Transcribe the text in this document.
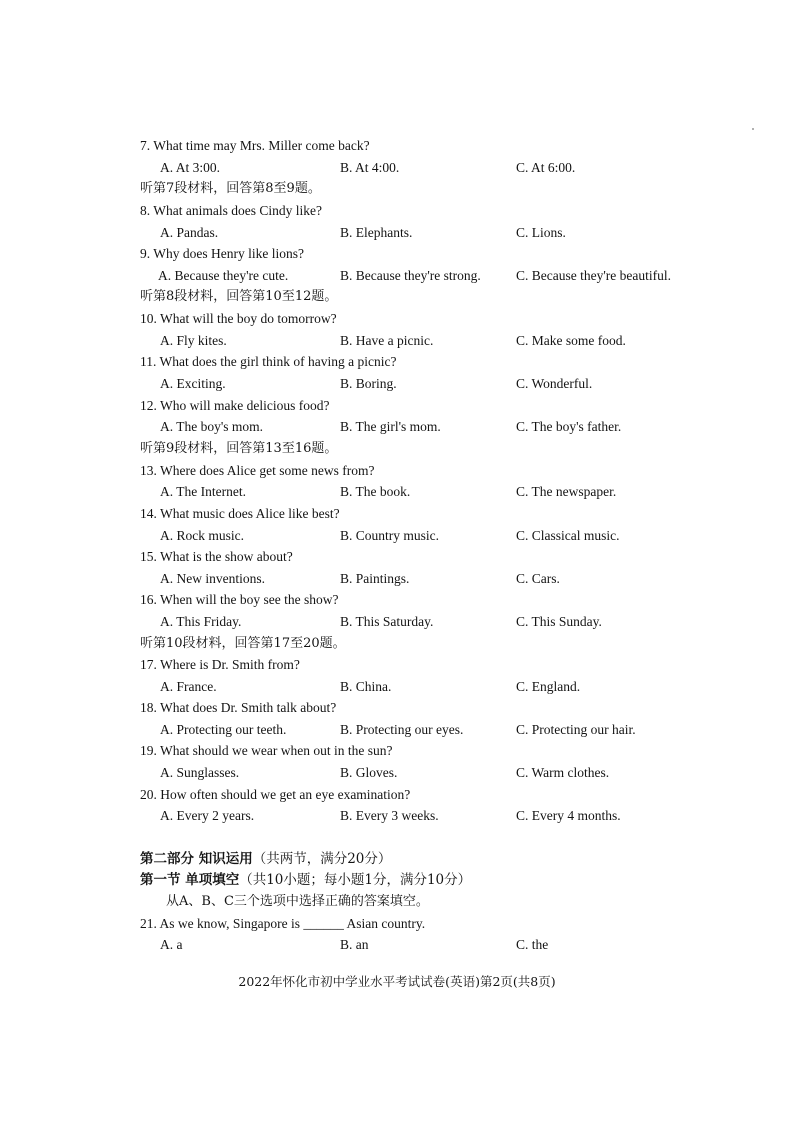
7. What time may Mrs. Miller come back?
A. At 3:00.	B. At 4:00.	C. At 6:00.
听第7段材料，回答第8至9题。
8. What animals does Cindy like?
A. Pandas.	B. Elephants.	C. Lions.
9. Why does Henry like lions?
A. Because they're cute.	B. Because they're strong.	C. Because they're beautiful.
听第8段材料，回答第10至12题。
10. What will the boy do tomorrow?
A. Fly kites.	B. Have a picnic.	C. Make some food.
11. What does the girl think of having a picnic?
A. Exciting.	B. Boring.	C. Wonderful.
12. Who will make delicious food?
A. The boy's mom.	B. The girl's mom.	C. The boy's father.
听第9段材料，回答第13至16题。
13. Where does Alice get some news from?
A. The Internet.	B. The book.	C. The newspaper.
14. What music does Alice like best?
A. Rock music.	B. Country music.	C. Classical music.
15. What is the show about?
A. New inventions.	B. Paintings.	C. Cars.
16. When will the boy see the show?
A. This Friday.	B. This Saturday.	C. This Sunday.
听第10段材料，回答第17至20题。
17. Where is Dr. Smith from?
A. France.	B. China.	C. England.
18. What does Dr. Smith talk about?
A. Protecting our teeth.	B. Protecting our eyes.	C. Protecting our hair.
19. What should we wear when out in the sun?
A. Sunglasses.	B. Gloves.	C. Warm clothes.
20. How often should we get an eye examination?
A. Every 2 years.	B. Every 3 weeks.	C. Every 4 months.
第二部分 知识运用（共两节，满分20分）
第一节 单项填空（共10小题；每小题1分，满分10分）
从A、B、C三个选项中选择正确的答案填空。
21. As we know, Singapore is ______ Asian country.
A. a	B. an	C. the
2022年怀化市初中学业水平考试试卷(英语)第2页(共8页)
